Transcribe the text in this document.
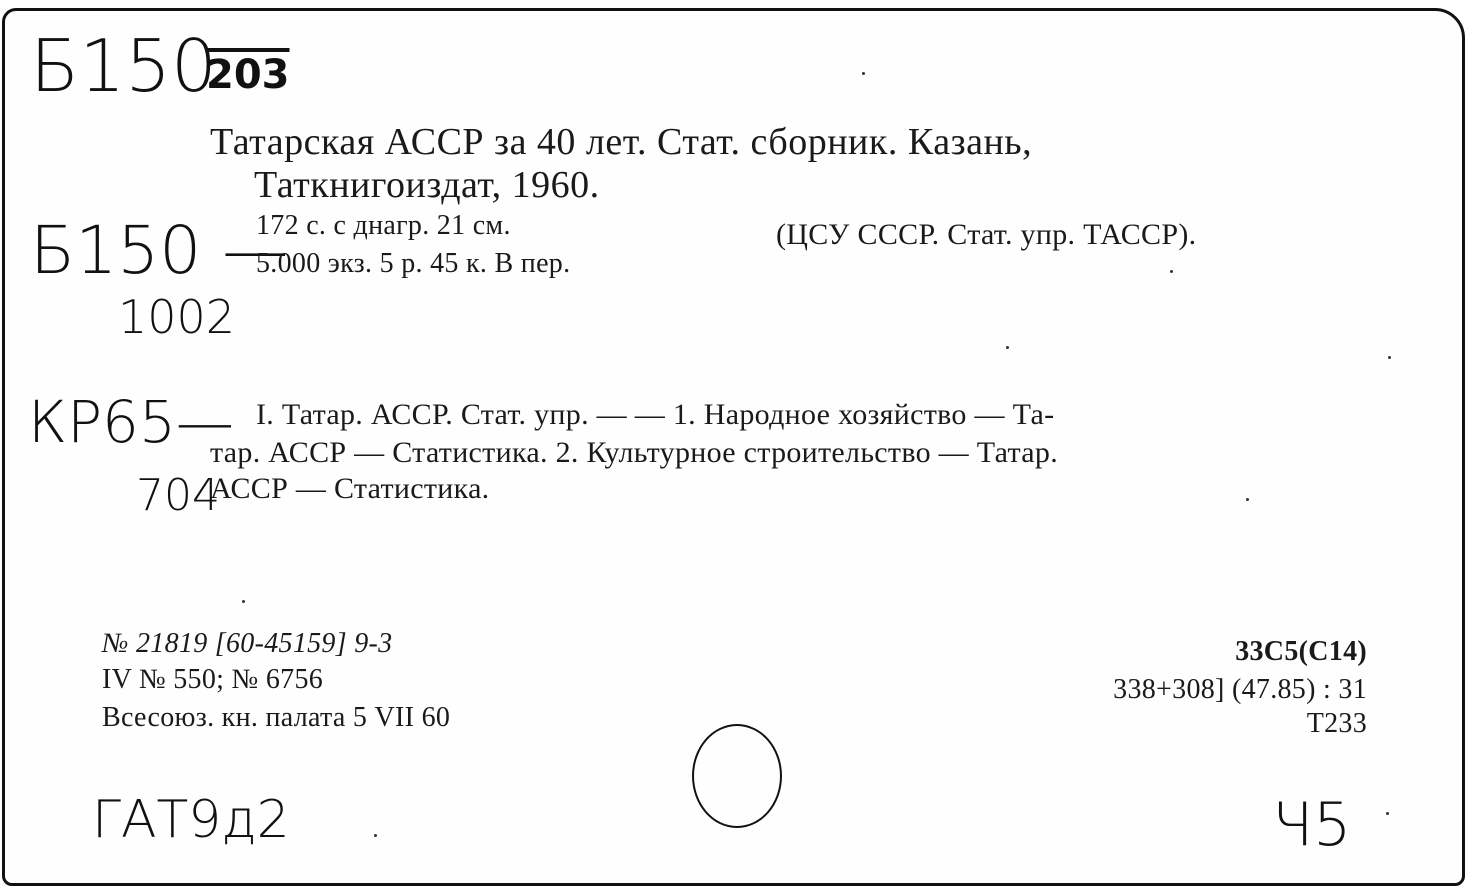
Б150
203
Б150 —
1002
КР65—
704
Татарская АССР за 40 лет. Стат. сборник. Казань,
Таткнигоиздат, 1960.
172 с. с днагр. 21 см.	(ЦСУ СССР. Стат. упр. ТАССР).
5.000 экз. 5 р. 45 к. В пер.
I. Татар. АССР. Стат. упр. — — 1. Народное хозяйство — Та-
тар. АССР — Статистика. 2. Культурное строительство — Татар.
АССР — Статистика.
№ 21819 [60-45159] 9-3
IV № 550; № 6756
Всесоюз. кн. палата 5 VII 60
33C5(C14)
338+308] (47.85) : 31
Т233
ГАТ9д2	Ч5
